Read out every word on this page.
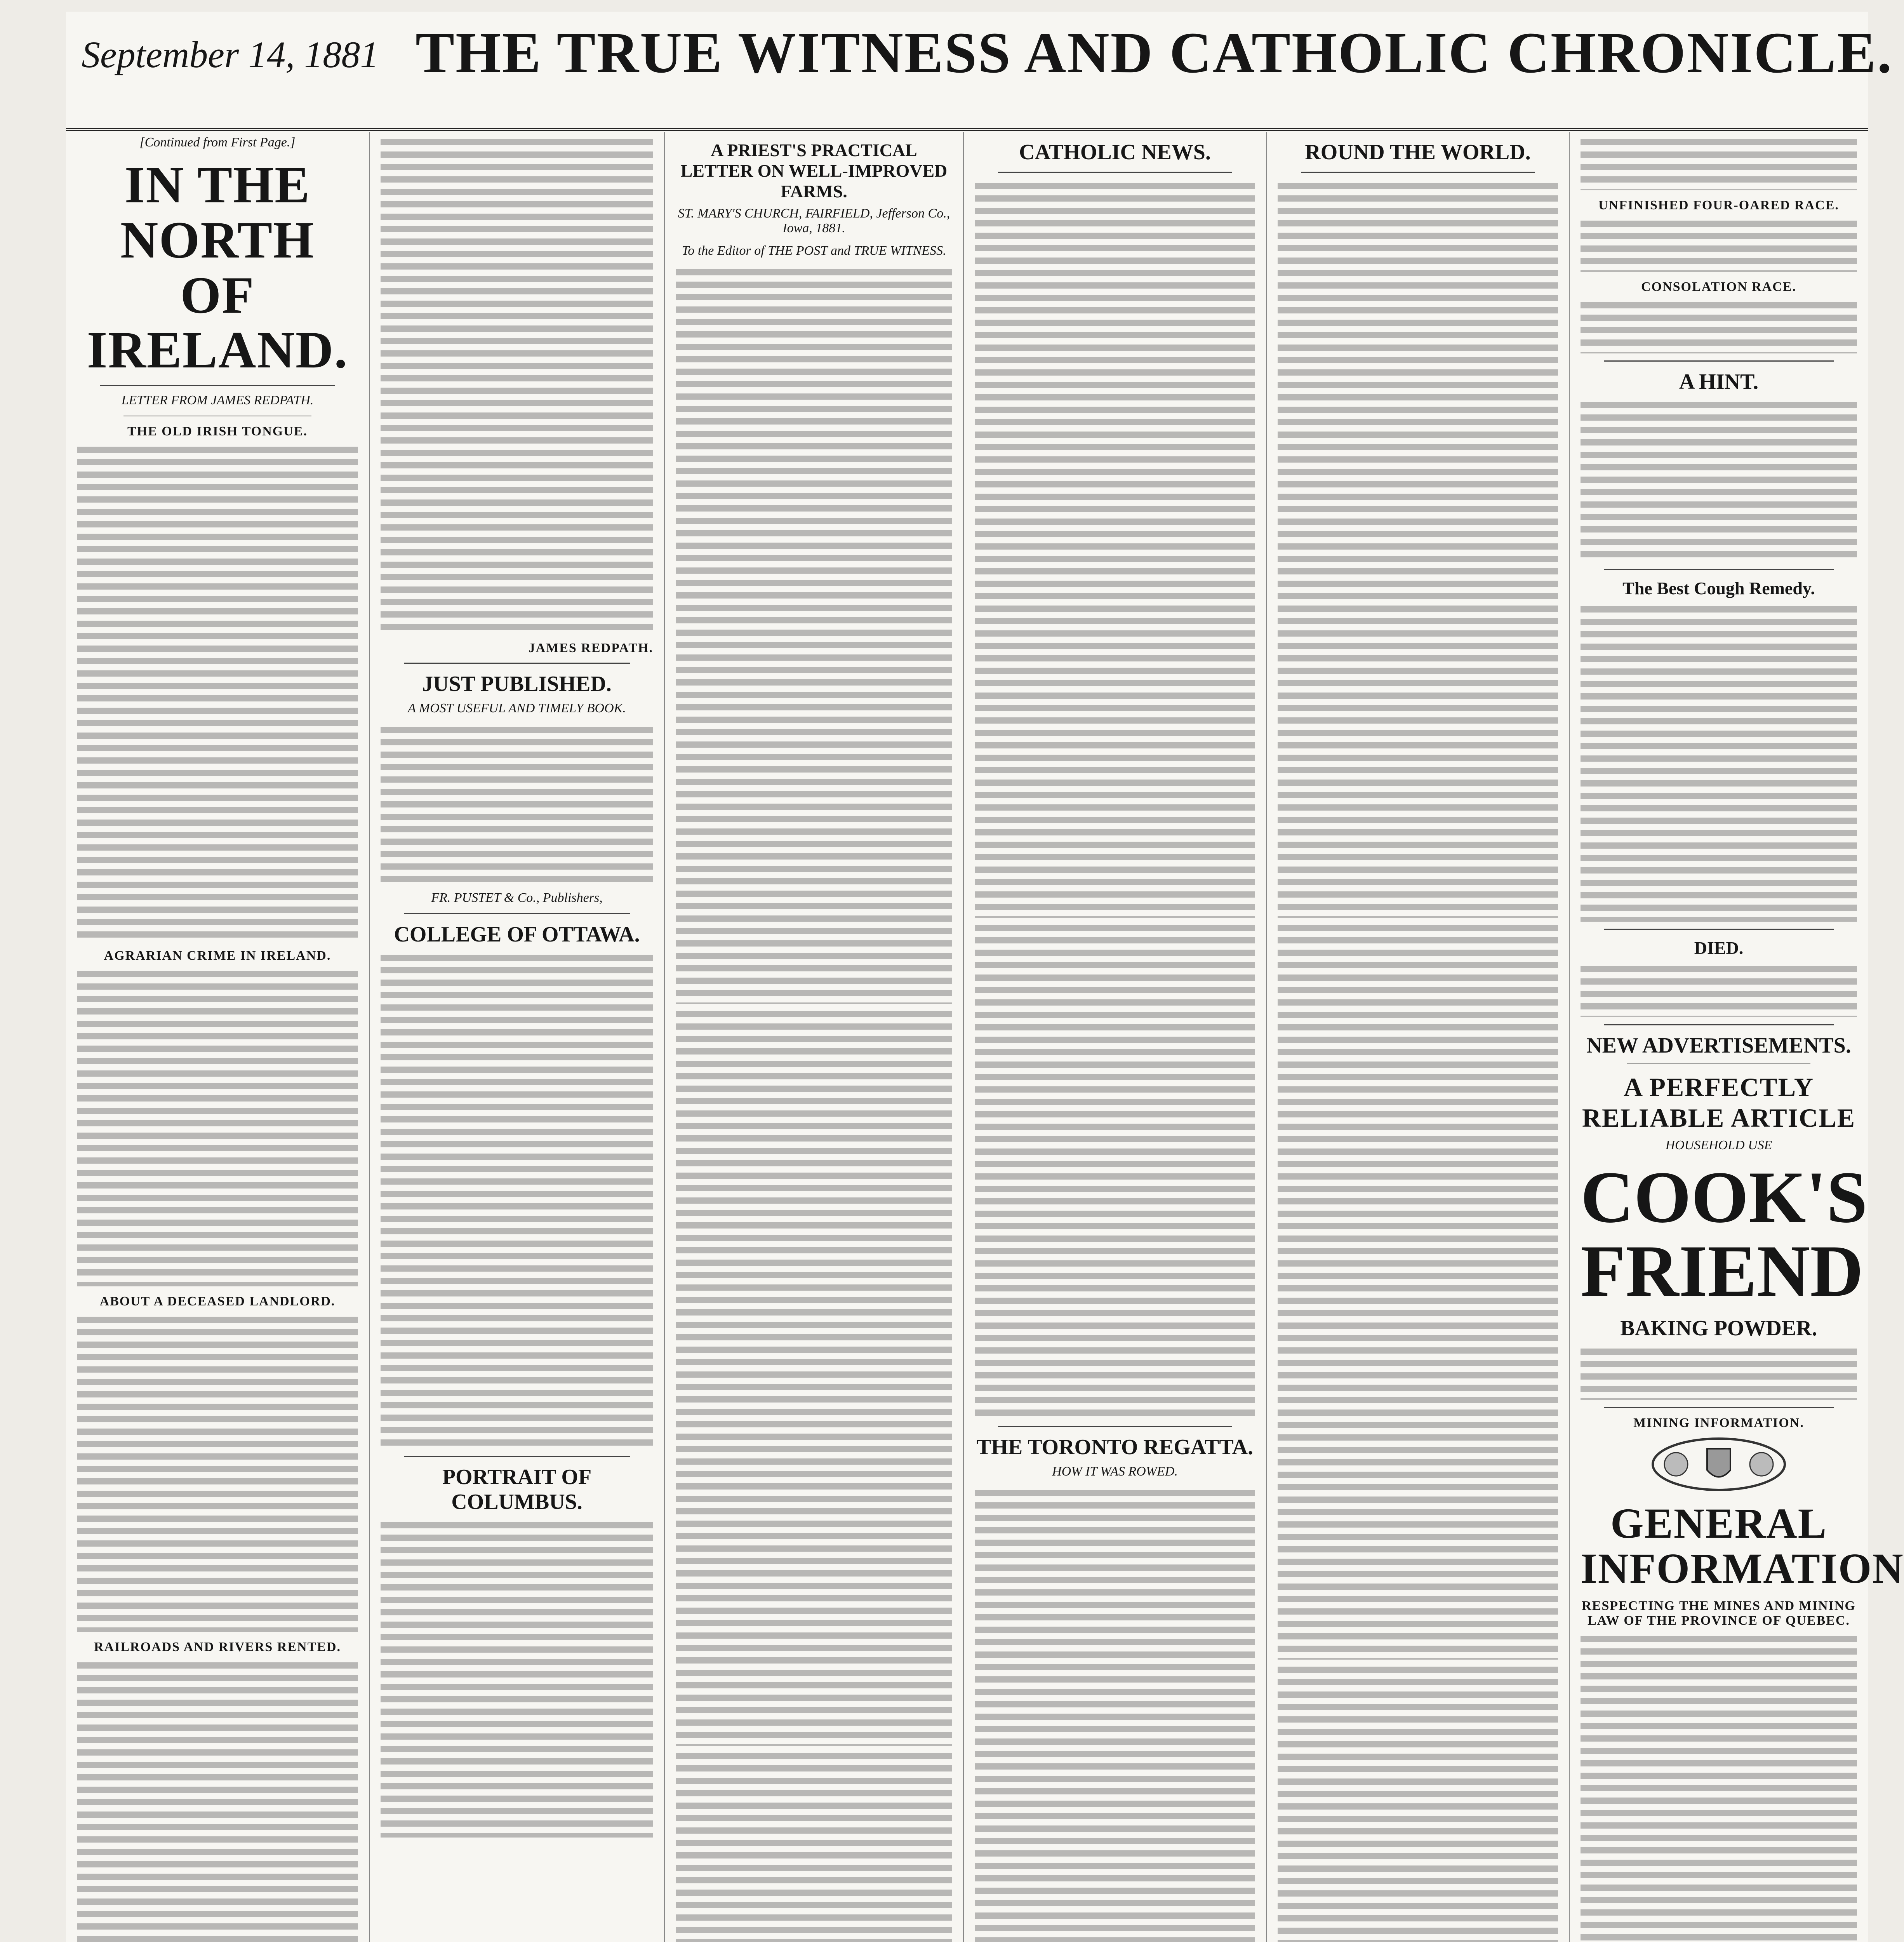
September 14, 1881 THE TRUE WITNESS AND CATHOLIC CHRONICLE.
[Continued from First Page.]
IN THE NORTH OF IRELAND.
LETTER FROM JAMES REDPATH.
THE OLD IRISH TONGUE.
AGRARIAN CRIME IN IRELAND.
ABOUT A DECEASED LANDLORD.
RAILROADS AND RIVERS RENTED.
JAMES REDPATH.
JUST PUBLISHED.
A MOST USEFUL AND TIMELY BOOK.
FR. PUSTET & Co., Publishers,
COLLEGE OF OTTAWA.
PORTRAIT OF COLUMBUS.
A PRIEST'S PRACTICAL LETTER ON WELL-IMPROVED FARMS.
ST. MARY'S CHURCH, FAIRFIELD, Jefferson Co., Iowa, 1881.
To the Editor of THE POST and TRUE WITNESS.
CATHOLIC NEWS.
THE TORONTO REGATTA.
HOW IT WAS ROWED.
ROUND THE WORLD.
UNFINISHED FOUR-OARED RACE.
CONSOLATION RACE.
A HINT.
The Best Cough Remedy.
DIED.
NEW ADVERTISEMENTS.
A PERFECTLY RELIABLE ARTICLE
HOUSEHOLD USE
COOK'S FRIEND
BAKING POWDER.
MINING INFORMATION.
GENERAL INFORMATION
RESPECTING THE MINES AND MINING LAW OF THE PROVINCE OF QUEBEC.
